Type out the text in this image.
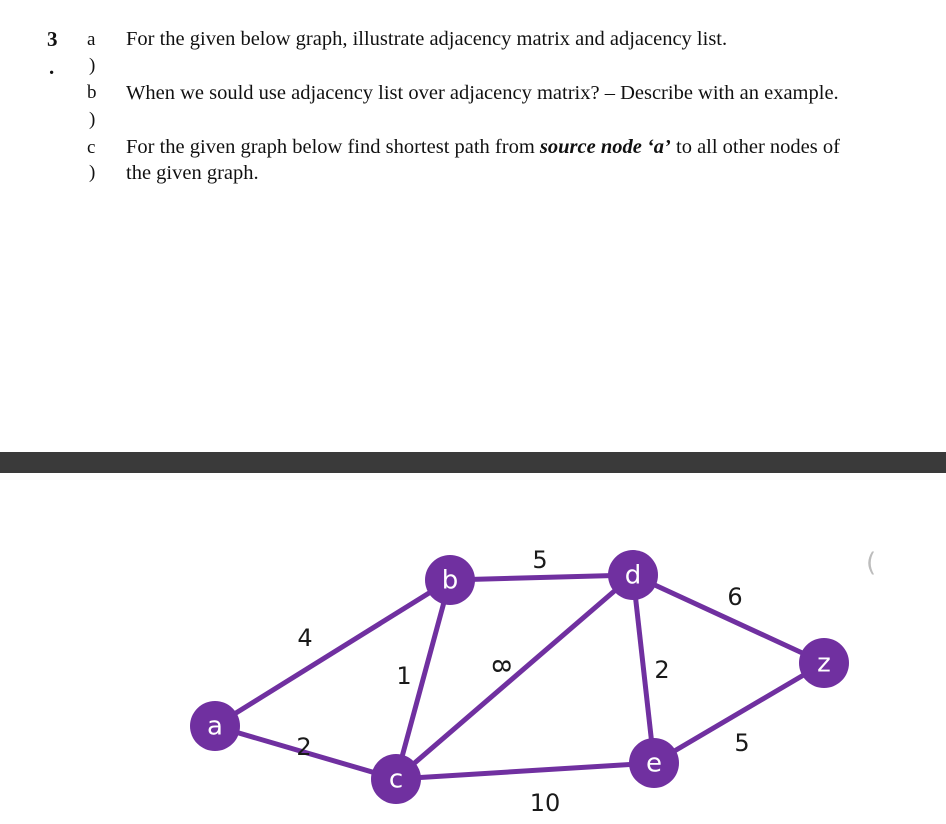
3
.
a
)
For the given below graph, illustrate adjacency matrix and adjacency list.
b
)
When we sould use adjacency list over adjacency matrix? – Describe with an example.
c
)
For the given graph below find shortest path from source node ‘a’ to all other nodes of
the given graph.
4
2
1
5
8
10
2
6
5
a
b
c
d
e
z
(
